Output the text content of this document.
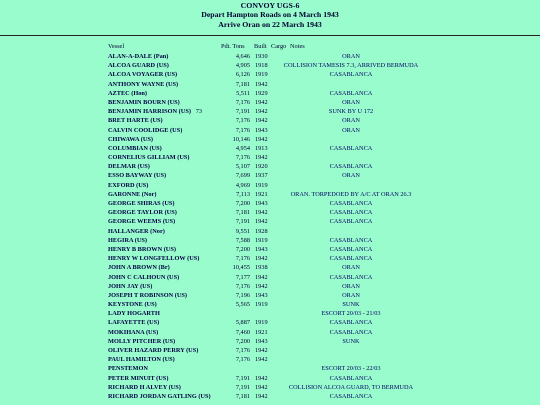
CONVOY UGS-6
Depart Hampton Roads on 4 March 1943
Arrive Oran on 22 March 1943
Vessel	Pdt. Tons Built Cargo Notes
ALAN-A-DALE (Pan)	4,646 1930	ORAN
ALCOA GUARD (US)	4,905 1918	COLLISION TAMESIS 7.3, ARRIVED BERMUDA
ALCOA VOYAGER (US)	6,126 1919	CASABLANCA
ANTHONY WAYNE (US)	7,181 1942
AZTEC (Hon)	5,511 1929	CASABLANCA
BENJAMIN BOURN (US)	7,176 1942	ORAN
BENJAMIN HARRISON (US) 73	7,191 1942	SUNK BY U 172
BRET HARTE (US)	7,176 1942	ORAN
CALVIN COOLIDGE (US)	7,176 1943	ORAN
CHIWAWA (US)	10,146 1942
COLUMBIAN (US)	4,954 1913	CASABLANCA
CORNELIUS GILLIAM (US)	7,176 1942
DELMAR (US)	5,107 1920	CASABLANCA
ESSO BAYWAY (US)	7,699 1937	ORAN
EXFORD (US)	4,969 1919
GARONNE (Nor)	7,113 1921	ORAN. TORPEDOED BY A/C AT ORAN 26.3
GEORGE SHIRAS (US)	7,200 1943	CASABLANCA
GEORGE TAYLOR (US)	7,181 1942	CASABLANCA
GEORGE WEEMS (US)	7,191 1942	CASABLANCA
HALLANGER (Nor)	9,551 1928
HEGIRA (US)	7,588 1919	CASABLANCA
HENRY B BROWN (US)	7,200 1943	CASABLANCA
HENRY W LONGFELLOW (US)	7,176 1942	CASABLANCA
JOHN A BROWN (Br)	10,455 1938	ORAN
JOHN C CALHOUN (US)	7,177 1942	CASABLANCA
JOHN JAY (US)	7,176 1942	ORAN
JOSEPH T ROBINSON (US)	7,196 1943	ORAN
KEYSTONE (US)	5,565 1919	SUNK
LADY HOGARTH	ESCORT 20/03 - 21/03
LAFAYETTE (US)	5,887 1919	CASABLANCA
MOKIHANA (US)	7,460 1921	CASABLANCA
MOLLY PITCHER (US)	7,200 1943	SUNK
OLIVER HAZARD PERRY (US)	7,176 1942
PAUL HAMILTON (US)	7,176 1942
PENSTEMON	ESCORT 20/03 - 22/03
PETER MINUIT (US)	7,191 1942	CASABLANCA
RICHARD H ALVEY (US)	7,191 1942	COLLISION ALCOA GUARD, TO BERMUDA
RICHARD JORDAN GATLING (US)	7,181 1942	CASABLANCA
